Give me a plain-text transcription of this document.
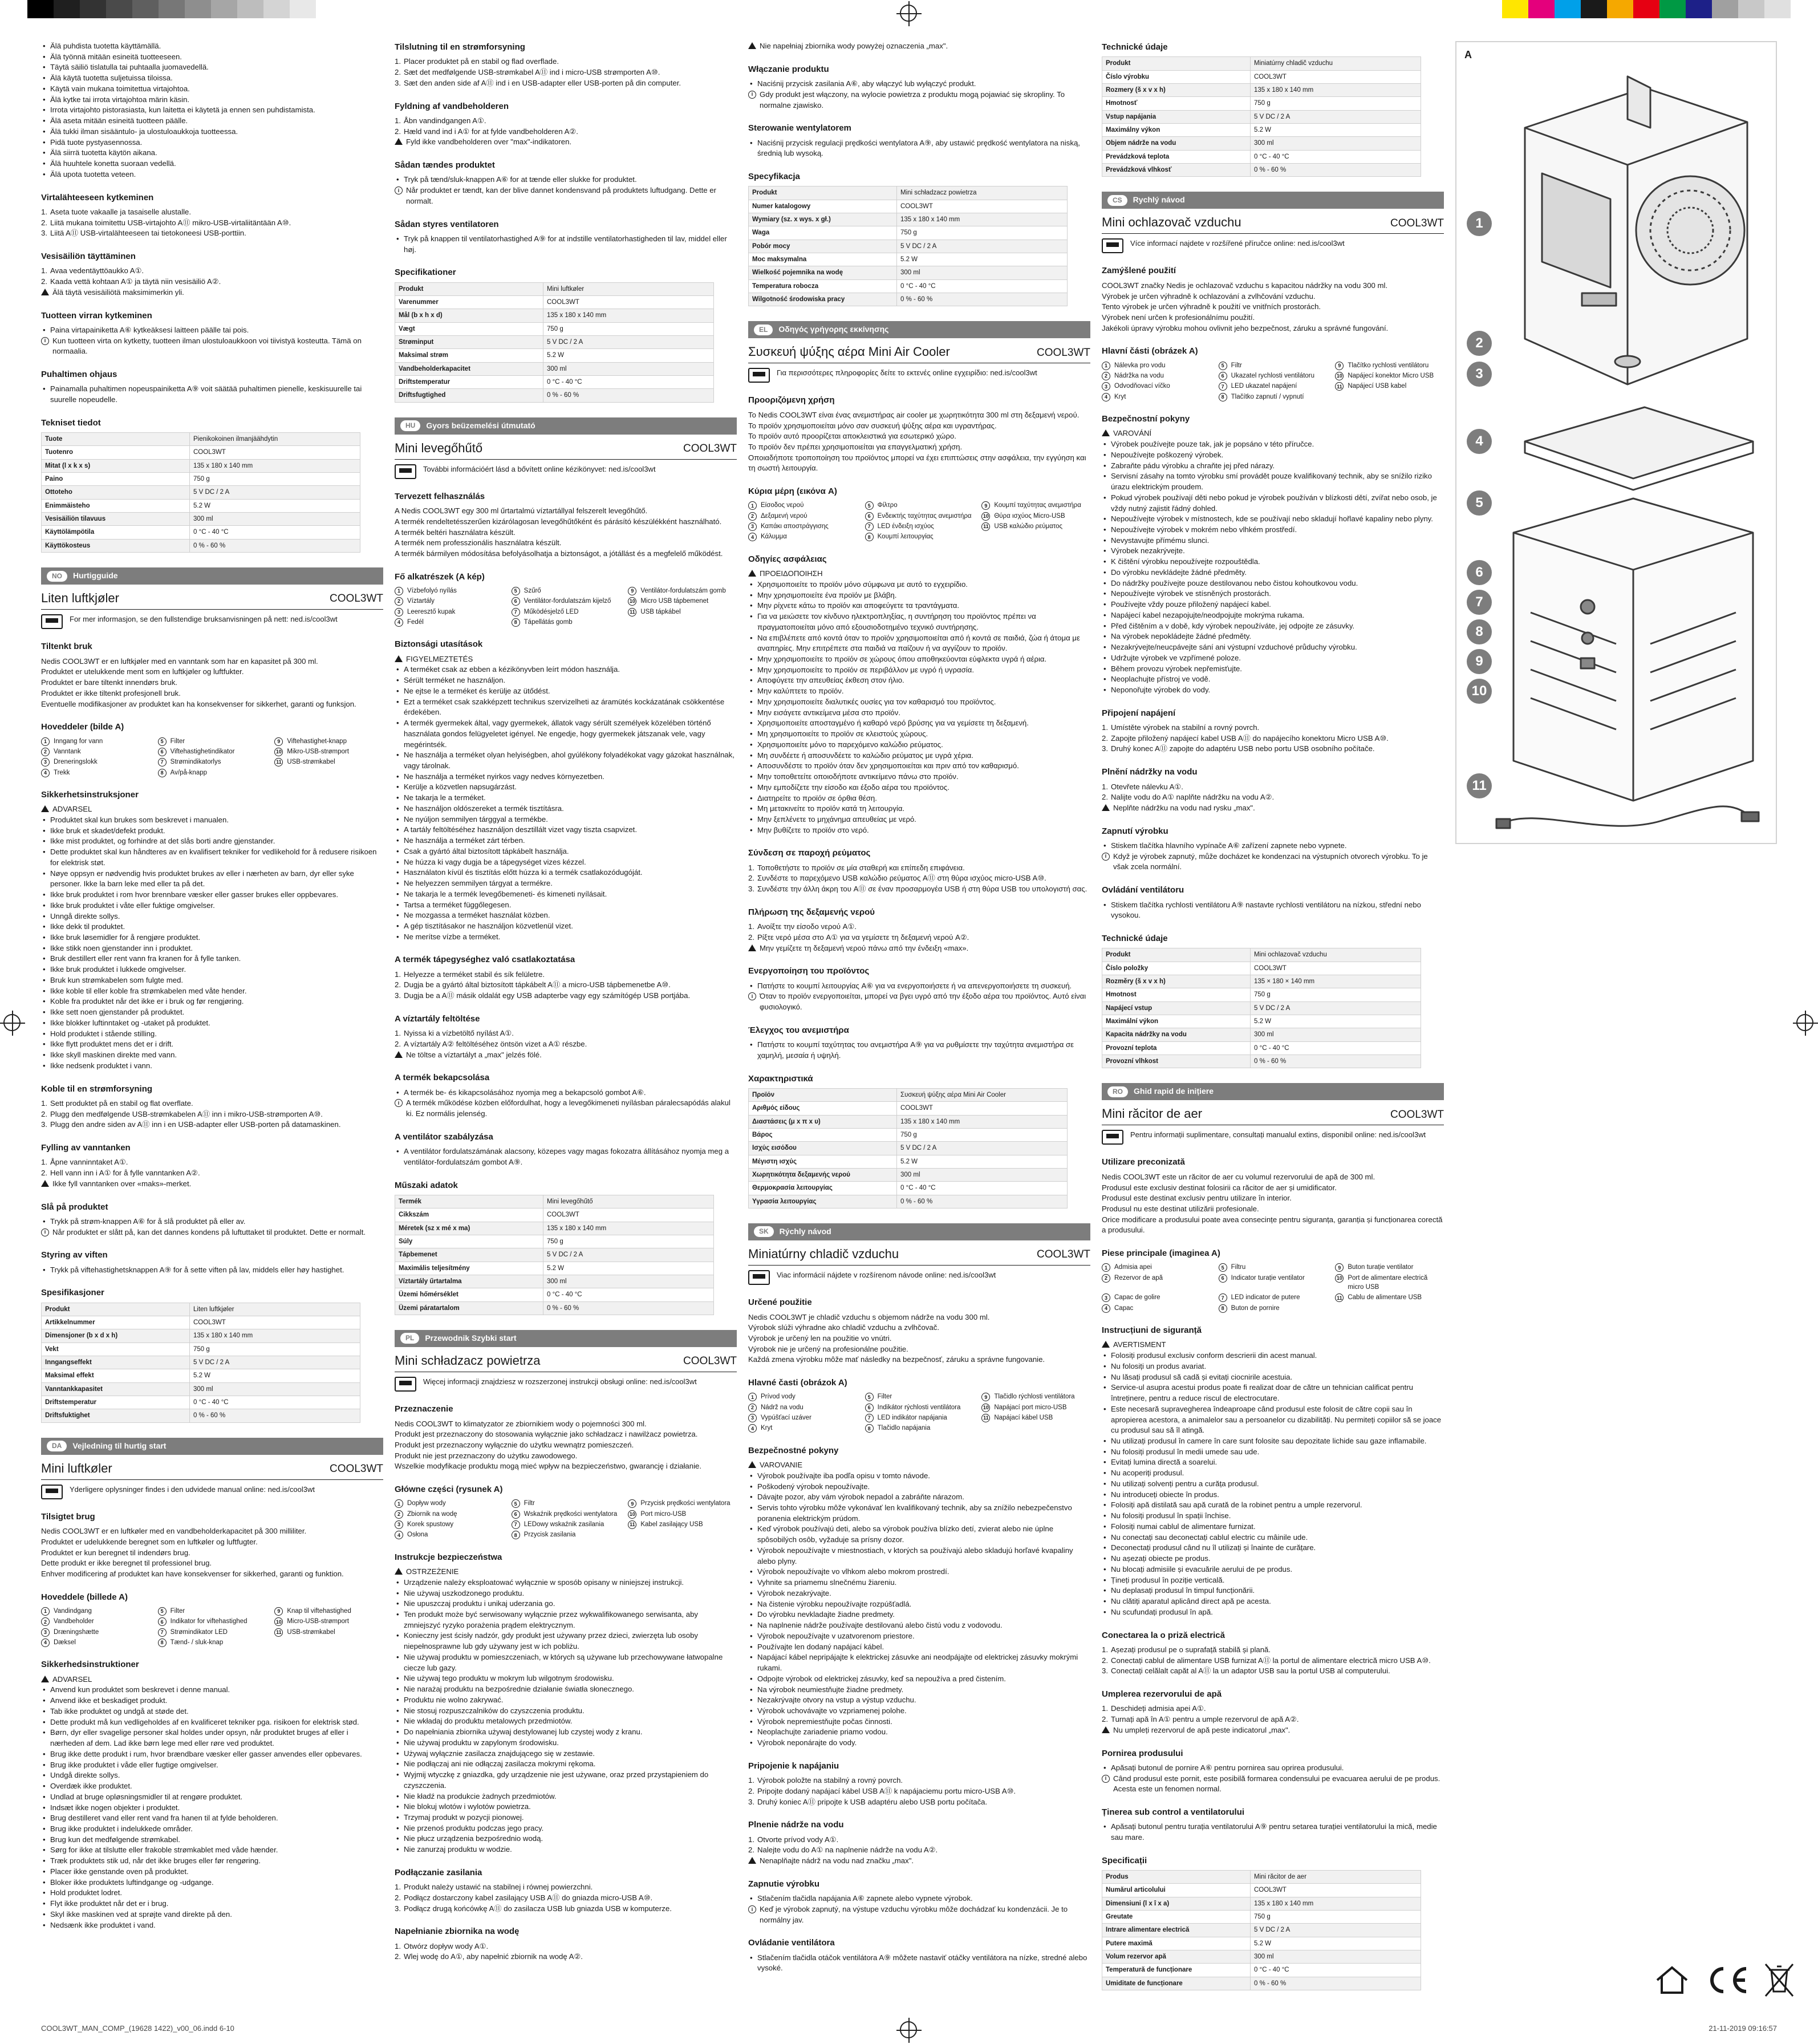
• Älä puhdista tuotetta käyttämällä.
• Älä työnnä mitään esineitä tuotteeseen.
• Täytä säiliö tislatulla tai puhtaalla juomavedellä.
• Älä käytä tuotetta suljetuissa tiloissa.
• Käytä vain mukana toimitettua virtajohtoa.
• Älä kytke tai irrota virtajohtoa märin käsin.
• Irrota virtajohto pistorasiasta, kun laitetta ei käytetä ja ennen sen puhdistamista.
• Älä aseta mitään esineitä tuotteen päälle.
• Älä tukki ilman sisääntulo- ja ulostuloaukkoja tuotteessa.
• Pidä tuote pystyasennossa.
• Älä siirrä tuotetta käytön aikana.
• Älä huuhtele konetta suoraan vedellä.
• Älä upota tuotetta veteen.
Virtalähteeseen kytkeminen
1. Aseta tuote vakaalle ja tasaiselle alustalle.
2. Liitä mukana toimitettu USB-virtajohto A⑪ mikro-USB-virtaliitäntään A⑩.
3. Liitä A⑪ USB-virtalähteeseen tai tietokoneesi USB-porttiin.
Vesisäiliön täyttäminen
1. Avaa vedentäyttöaukko A①.
2. Kaada vettä kohtaan A① ja täytä niin vesisäiliö A②.
Älä täytä vesisäiliötä maksimimerkin yli.
Tuotteen virran kytkeminen
• Paina virtapainiketta A⑥ kytkeäksesi laitteen päälle tai pois.
i Kun tuotteen virta on kytketty, tuotteen ilman ulostuloaukkoon voi tiivistyä kosteutta. Tämä on normaalia.
Puhaltimen ohjaus
• Painamalla puhaltimen nopeuspainiketta A⑨ voit säätää puhaltimen pienelle, keskisuurelle tai suurelle nopeudelle.
Tekniset tiedot
Tuote	Pienikokoinen ilmanjäähdytin
Tuotenro	COOL3WT
Mitat (l x k x s)	135 x 180 x 140 mm
Paino	750 g
Ottoteho	5 V DC / 2 A
Enimmäisteho	5.2 W
Vesisäiliön tilavuus	300 ml
Käyttölämpötila	0 °C - 40 °C
Käyttökosteus	0 % - 60 %
NO	Hurtigguide
Liten luftkjøler	COOL3WT
For mer informasjon, se den fullstendige bruksanvisningen på nett: ned.is/cool3wt
Tiltenkt bruk

Nedis COOL3WT er en luftkjøler med en vanntank som har en kapasitet på 300 ml.

Produktet er utelukkende ment som en luftkjøler og luftfukter.

Produktet er bare tiltenkt innendørs bruk.

Produktet er ikke tiltenkt profesjonell bruk.

Eventuelle modifikasjoner av produktet kan ha konsekvenser for sikkerhet, garanti og funksjon.

Hoveddeler (bilde A)
1	Inngang for vann	5	Filter	9	Viftehastighet-knapp
2	Vanntank	6	Viftehastighetindikator	10 Mikro-USB-strømport
3	Dreneringslokk	7	Strømindikatorlys	11 USB-strømkabel
4	Trekk	8	Av/på-knapp
Sikkerhetsinstruksjoner
ADVARSEL
• Produktet skal kun brukes som beskrevet i manualen.
• Ikke bruk et skadet/defekt produkt.
• Ikke mist produktet, og forhindre at det slås borti andre gjenstander.
• Dette produktet skal kun håndteres av en kvalifisert tekniker for vedlikehold for å redusere risikoen for elektrisk støt.
• Nøye oppsyn er nødvendig hvis produktet brukes av eller i nærheten av barn, dyr eller syke personer. Ikke la barn leke med eller ta på det.
• Ikke bruk produktet i rom hvor brennbare væsker eller gasser brukes eller oppbevares.
• Ikke bruk produktet i våte eller fuktige omgivelser.
• Unngå direkte sollys.
• Ikke dekk til produktet.
• Ikke bruk løsemidler for å rengjøre produktet.
• Ikke stikk noen gjenstander inn i produktet.
• Bruk destillert eller rent vann fra kranen for å fylle tanken.
• Ikke bruk produktet i lukkede omgivelser.
• Bruk kun strømkabelen som fulgte med.
• Ikke koble til eller koble fra strømkabelen med våte hender.
• Koble fra produktet når det ikke er i bruk og før rengjøring.
• Ikke sett noen gjenstander på produktet.
• Ikke blokker luftinntaket og -utaket på produktet.
• Hold produktet i stående stilling.
• Ikke flytt produktet mens det er i drift.
• Ikke skyll maskinen direkte med vann.
• Ikke nedsenk produktet i vann.
Koble til en strømforsyning
1. Sett produktet på en stabil og flat overflate.
2. Plugg den medfølgende USB-strømkabelen A⑪ inn i mikro-USB-strømporten A⑩.
3. Plugg den andre siden av A⑪ inn i en USB-adapter eller USB-porten på datamaskinen.
Fylling av vanntanken
1. Åpne vanninntaket A①.
2. Hell vann inn i A① for å fylle vanntanken A②.
Ikke fyll vanntanken over «maks»-merket.
Slå på produktet
• Trykk på strøm-knappen A⑥ for å slå produktet på eller av.
i Når produktet er slått på, kan det dannes kondens på luftuttaket til produktet. Dette er normalt.
Styring av viften
• Trykk på viftehastighetsknappen A⑨ for å sette viften på lav, middels eller høy hastighet.
Spesifikasjoner
Produkt	Liten luftkjøler
Artikkelnummer	COOL3WT
Dimensjoner (b x d x h)	135 x 180 x 140 mm
Vekt	750 g
Inngangseffekt	5 V DC / 2 A
Maksimal effekt	5.2 W
Vanntankkapasitet	300 ml
Driftstemperatur	0 °C - 40 °C
Driftsfuktighet	0 % - 60 %
DA	Vejledning til hurtig start
Mini luftkøler	COOL3WT
Yderligere oplysninger findes i den udvidede manual online: ned.is/cool3wt
Tilsigtet brug

Nedis COOL3WT er en luftkøler med en vandbeholderkapacitet på 300 milliliter.

Produktet er udelukkende beregnet som en luftkøler og luftfugter.

Produktet er kun beregnet til indendørs brug.

Dette produkt er ikke beregnet til professionel brug.

Enhver modificering af produktet kan have konsekvenser for sikkerhed, garanti og funktion.

Hoveddele (billede A)
1	Vandindgang	5	Filter	9	Knap til viftehastighed
2	Vandbeholder	6	Indikator for viftehastighed	10 Micro-USB-strømport
3	Dræningshætte	7	Strømindikator LED	11 USB-strømkabel
4	Dæksel	8	Tænd- / sluk-knap
Sikkerhedsinstruktioner
ADVARSEL
• Anvend kun produktet som beskrevet i denne manual.
• Anvend ikke et beskadiget produkt.
• Tab ikke produktet og undgå at støde det.
• Dette produkt må kun vedligeholdes af en kvalificeret tekniker pga. risikoen for elektrisk stød.
• Børn, dyr eller svagelige personer skal holdes under opsyn, når produktet bruges af eller i nærheden af dem. Lad ikke børn lege med eller røre ved produktet.
• Brug ikke dette produkt i rum, hvor brændbare væsker eller gasser anvendes eller opbevares.
• Brug ikke produktet i våde eller fugtige omgivelser.
• Undgå direkte sollys.
• Overdæk ikke produktet.
• Undlad at bruge opløsningsmidler til at rengøre produktet.
• Indsæt ikke nogen objekter i produktet.
• Brug destilleret vand eller rent vand fra hanen til at fylde beholderen.
• Brug ikke produktet i indelukkede områder.
• Brug kun det medfølgende strømkabel.
• Sørg for ikke at tilslutte eller frakoble strømkablet med våde hænder.
• Træk produktets stik ud, når det ikke bruges eller før rengøring.
• Placer ikke genstande oven på produktet.
• Bloker ikke produktets luftindgange og -udgange.
• Hold produktet lodret.
• Flyt ikke produktet når det er i brug.
• Skyl ikke maskinen ved at sprøjte vand direkte på den.
• Nedsænk ikke produktet i vand.
Tilslutning til en strømforsyning
1. Placer produktet på en stabil og flad overflade.
2. Sæt det medfølgende USB-strømkabel A⑪ ind i micro-USB strømporten A⑩.
3. Sæt den anden side af A⑪ ind i en USB-adapter eller USB-porten på din computer.
Fyldning af vandbeholderen
1. Åbn vandindgangen A①.
2. Hæld vand ind i A① for at fylde vandbeholderen A②.
Fyld ikke vandbeholderen over "max"-indikatoren.
Sådan tændes produktet
• Tryk på tænd/sluk-knappen A⑥ for at tænde eller slukke for produktet.
i Når produktet er tændt, kan der blive dannet kondensvand på produktets luftudgang. Dette er normalt.
Sådan styres ventilatoren
• Tryk på knappen til ventilatorhastighed A⑨ for at indstille ventilatorhastigheden til lav, middel eller høj.
Specifikationer
Produkt	Mini luftkøler
Varenummer	COOL3WT
Mål (b x h x d)	135 x 180 x 140 mm
Vægt	750 g
Strøminput	5 V DC / 2 A
Maksimal strøm	5.2 W
Vandbeholderkapacitet	300 ml
Driftstemperatur	0 °C - 40 °C
Driftsfugtighed	0 % - 60 %
HU	Gyors beüzemelési útmutató
Mini levegőhűtő	COOL3WT
További információért lásd a bővített online kézikönyvet: ned.is/cool3wt
Tervezett felhasználás

A Nedis COOL3WT egy 300 ml űrtartalmú víztartállyal felszerelt levegőhűtő.

A termék rendeltetésszerűen kizárólagosan levegőhűtőként és párásító készülékként használható.

A termék beltéri használatra készült.

A termék nem professzionális használatra készült.

A termék bármilyen módosítása befolyásolhatja a biztonságot, a jótállást és a megfelelő működést.

Fő alkatrészek (A kép)
1	Vízbefolyó nyílás	5	Szűrő	9	Ventilátor-fordulatszám gomb
2	Víztartály	6	Ventilátor-fordulatszám kijelző	10 Micro USB tápbemenet
3	Leeresztő kupak	7	Működésjelző LED	11 USB tápkábel
4	Fedél	8	Tápellátás gomb
Biztonsági utasítások
FIGYELMEZTETÉS
• A terméket csak az ebben a kézikönyvben leírt módon használja.
• Sérült terméket ne használjon.
• Ne ejtse le a terméket és kerülje az ütődést.
• Ezt a terméket csak szakképzett technikus szervizelheti az áramütés kockázatának csökkentése érdekében.
• A termék gyermekek által, vagy gyermekek, állatok vagy sérült személyek közelében történő használata gondos felügyeletet igényel. Ne engedje, hogy gyermekek játszanak vele, vagy megérintsék.
• Ne használja a terméket olyan helyiségben, ahol gyúlékony folyadékokat vagy gázokat használnak, vagy tárolnak.
• Ne használja a terméket nyirkos vagy nedves környezetben.
• Kerülje a közvetlen napsugárzást.
• Ne takarja le a terméket.
• Ne használjon oldószereket a termék tisztításra.
• Ne nyúljon semmilyen tárggyal a termékbe.
• A tartály feltöltéséhez használjon desztillált vizet vagy tiszta csapvizet.
• Ne használja a terméket zárt térben.
• Csak a gyártó által biztosított tápkábelt használja.
• Ne húzza ki vagy dugja be a tápegységet vizes kézzel.
• Használaton kívül és tisztítás előtt húzza ki a termék csatlakozódugóját.
• Ne helyezzen semmilyen tárgyat a termékre.
• Ne takarja le a termék levegőbemeneti- és kimeneti nyílásait.
• Tartsa a terméket függőlegesen.
• Ne mozgassa a terméket használat közben.
• A gép tisztításakor ne használjon közvetlenül vizet.
• Ne merítse vízbe a terméket.
A termék tápegységhez való csatlakoztatása
1. Helyezze a terméket stabil és sík felületre.
2. Dugja be a gyártó által biztosított tápkábelt A⑪ a micro-USB tápbemenetbe A⑩.
3. Dugja be a A⑪ másik oldalát egy USB adapterbe vagy egy számítógép USB portjába.
A víztartály feltöltése
1. Nyissa ki a vízbetöltő nyílást A①.
2. A víztartály A② feltöltéséhez öntsön vizet a A① részbe.
Ne töltse a víztartályt a „max" jelzés fölé.
A termék bekapcsolása
• A termék be- és kikapcsolásához nyomja meg a bekapcsoló gombot A⑥.
i A termék működése közben előfordulhat, hogy a levegőkimeneti nyílásban páralecsapódás alakul ki. Ez normális jelenség.
A ventilátor szabályzása
• A ventilátor fordulatszámának alacsony, közepes vagy magas fokozatra állításához nyomja meg a ventilátor-fordulatszám gombot A⑨.
Műszaki adatok
Termék	Mini levegőhűtő
Cikkszám	COOL3WT
Méretek (sz x mé x ma)	135 x 180 x 140 mm
Súly	750 g
Tápbemenet	5 V DC / 2 A
Maximális teljesítmény	5.2 W
Víztartály űrtartalma	300 ml
Üzemi hőmérséklet	0 °C - 40 °C
Üzemi páratartalom	0 % - 60 %
PL	Przewodnik Szybki start
Mini schładzacz powietrza	COOL3WT
Więcej informacji znajdziesz w rozszerzonej instrukcji obsługi online: ned.is/cool3wt
Przeznaczenie

Nedis COOL3WT to klimatyzator ze zbiornikiem wody o pojemności 300 ml.

Produkt jest przeznaczony do stosowania wyłącznie jako schładzacz i nawilżacz powietrza.

Produkt jest przeznaczony wyłącznie do użytku wewnątrz pomieszczeń.

Produkt nie jest przeznaczony do użytku zawodowego.

Wszelkie modyfikacje produktu mogą mieć wpływ na bezpieczeństwo, gwarancję i działanie.

Główne części (rysunek A)
1	Dopływ wody	5	Filtr	9	Przycisk prędkości wentylatora
2	Zbiornik na wodę	6	Wskaźnik prędkości wentylatora 10 Port micro-USB
3	Korek spustowy	7	LEDowy wskaźnik zasilania	11 Kabel zasilający USB
4	Osłona	8	Przycisk zasilania
Instrukcje bezpieczeństwa
OSTRZEŻENIE
• Urządzenie należy eksploatować wyłącznie w sposób opisany w niniejszej instrukcji.
• Nie używaj uszkodzonego produktu.
• Nie upuszczaj produktu i unikaj uderzania go.
• Ten produkt może być serwisowany wyłącznie przez wykwalifikowanego serwisanta, aby zmniejszyć ryzyko porażenia prądem elektrycznym.
• Konieczny jest ścisły nadzór, gdy produkt jest używany przez dzieci, zwierzęta lub osoby niepełnosprawne lub gdy używany jest w ich pobliżu.
• Nie używaj produktu w pomieszczeniach, w których są używane lub przechowywane łatwopalne ciecze lub gazy.
• Nie używaj tego produktu w mokrym lub wilgotnym środowisku.
• Nie narażaj produktu na bezpośrednie działanie światła słonecznego.
• Produktu nie wolno zakrywać.
• Nie stosuj rozpuszczalników do czyszczenia produktu.
• Nie wkładaj do produktu metalowych przedmiotów.
• Do napełniania zbiornika używaj destylowanej lub czystej wody z kranu.
• Nie używaj produktu w zapylonym środowisku.
• Używaj wyłącznie zasilacza znajdującego się w zestawie.
• Nie podłączaj ani nie odłączaj zasilacza mokrymi rękoma.
• Wyjmij wtyczkę z gniazdka, gdy urządzenie nie jest używane, oraz przed przystąpieniem do czyszczenia.
• Nie kładź na produkcie żadnych przedmiotów.
• Nie blokuj wlotów i wylotów powietrza.
• Trzymaj produkt w pozycji pionowej.
• Nie przenoś produktu podczas jego pracy.
• Nie płucz urządzenia bezpośrednio wodą.
• Nie zanurzaj produktu w wodzie.
Podłączanie zasilania
1. Produkt należy ustawić na stabilnej i równej powierzchni.
2. Podłącz dostarczony kabel zasilający USB A⑪ do gniazda micro-USB A⑩.
3. Podłącz drugą końcówkę A⑪ do zasilacza USB lub gniazda USB w komputerze.
Napełnianie zbiornika na wodę
1. Otwórz dopływ wody A①.
2. Wlej wodę do A①, aby napełnić zbiornik na wodę A②.
Nie napełniaj zbiornika wody powyżej oznaczenia „max".
Włączanie produktu
• Naciśnij przycisk zasilania A⑥, aby włączyć lub wyłączyć produkt.
i Gdy produkt jest włączony, na wylocie powietrza z produktu mogą pojawiać się skropliny. To normalne zjawisko.
Sterowanie wentylatorem
• Naciśnij przycisk regulacji prędkości wentylatora A⑨, aby ustawić prędkość wentylatora na niską, średnią lub wysoką.
Specyfikacja
Produkt	Mini schładzacz powietrza
Numer katalogowy	COOL3WT
Wymiary (sz. x wys. x gł.)	135 x 180 x 140 mm
Waga	750 g
Pobór mocy	5 V DC / 2 A
Moc maksymalna	5.2 W
Wielkość pojemnika na wodę	300 ml
Temperatura robocza	0 °C - 40 °C
Wilgotność środowiska pracy	0 % - 60 %
EL	Οδηγός γρήγορης εκκίνησης
Συσκευή ψύξης αέρα Mini Air Cooler	COOL3WT
Για περισσότερες πληροφορίες δείτε το εκτενές online εγχειρίδιο: ned.is/cool3wt
Προοριζόμενη χρήση

Το Nedis COOL3WT είναι ένας ανεμιστήρας air cooler με χωρητικότητα 300 ml στη δεξαμενή νερού.

Το προϊόν χρησιμοποιείται μόνο σαν συσκευή ψύξης αέρα και υγραντήρας.

Το προϊόν αυτό προορίζεται αποκλειστικά για εσωτερικό χώρο.

Το προϊόν δεν πρέπει χρησιμοποιείται για επαγγελματική χρήση.

Οποιαδήποτε τροποποίηση του προϊόντος μπορεί να έχει επιπτώσεις στην ασφάλεια, την εγγύηση και τη σωστή λειτουργία.

Κύρια μέρη (εικόνα A)
1	Είσοδος νερού	5	Φίλτρο	9	Κουμπί ταχύτητας ανεμιστήρα
2	Δεξαμενή νερού	6	Ενδεικτής ταχύτητας ανεμιστήρα 10 Θύρα ισχύος Micro-USB
3	Καπάκι αποστράγγισης	7	LED ένδειξη ισχύος	11 USB καλώδιο ρεύματος
4	Κάλυμμα	8	Κουμπί λειτουργίας
Οδηγίες ασφάλειας
ΠΡΟΕΙΔΟΠΟΙΗΣΗ
• Χρησιμοποιείτε το προϊόν μόνο σύμφωνα με αυτό το εγχειρίδιο.
• Μην χρησιμοποιείτε ένα προϊόν με βλάβη.
• Μην ρίχνετε κάτω το προϊόν και αποφεύγετε τα τραντάγματα.
• Για να μειώσετε τον κίνδυνο ηλεκτροπληξίας, η συντήρηση του προϊόντος πρέπει να πραγματοποιείται μόνο από εξουσιοδοτημένο τεχνικό συντήρησης.
• Να επιβλέπετε από κοντά όταν το προϊόν χρησιμοποιείται από ή κοντά σε παιδιά, ζώα ή άτομα με αναπηρίες. Μην επιτρέπετε στα παιδιά να παίζουν ή να αγγίζουν το προϊόν.
• Μην χρησιμοποιείτε το προϊόν σε χώρους όπου αποθηκεύονται εύφλεκτα υγρά ή αέρια.
• Μην χρησιμοποιείτε το προϊόν σε περιβάλλον με υγρό ή υγρασία.
• Αποφύγετε την απευθείας έκθεση στον ήλιο.
• Μην καλύπτετε το προϊόν.
• Μην χρησιμοποιείτε διαλυτικές ουσίες για τον καθαρισμό του προϊόντος.
• Μην εισάγετε αντικείμενα μέσα στο προϊόν.
• Χρησιμοποιείτε αποσταγμένο ή καθαρό νερό βρύσης για να γεμίσετε τη δεξαμενή.
• Μη χρησιμοποιείτε το προϊόν σε κλειστούς χώρους.
• Χρησιμοποιείτε μόνο το παρεχόμενο καλώδιο ρεύματος.
• Μη συνδέετε ή αποσυνδέετε το καλώδιο ρεύματος με υγρά χέρια.
• Αποσυνδέστε το προϊόν όταν δεν χρησιμοποιείται και πριν από τον καθαρισμό.
• Μην τοποθετείτε οποιοδήποτε αντικείμενο πάνω στο προϊόν.
• Μην εμποδίζετε την είσοδο και έξοδο αέρα του προϊόντος.
• Διατηρείτε το προϊόν σε όρθια θέση.
• Μη μετακινείτε το προϊόν κατά τη λειτουργία.
• Μην ξεπλένετε το μηχάνημα απευθείας με νερό.
• Μην βυθίζετε το προϊόν στο νερό.
Σύνδεση σε παροχή ρεύματος
1. Τοποθετήστε το προϊόν σε μία σταθερή και επίπεδη επιφάνεια.
2. Συνδέστε το παρεχόμενο USB καλώδιο ρεύματος A⑪ στη θύρα ισχύος micro-USB A⑩.
3. Συνδέστε την άλλη άκρη του A⑪ σε έναν προσαρμογέα USB ή στη θύρα USB του υπολογιστή σας.
Πλήρωση της δεξαμενής νερού
1. Ανοίξτε την είσοδο νερού A①.
2. Ρίξτε νερό μέσα στο A① για να γεμίσετε τη δεξαμενή νερού A②.
Μην γεμίζετε τη δεξαμενή νερού πάνω από την ένδειξη «max».
Ενεργοποίηση του προϊόντος
• Πατήστε το κουμπί λειτουργίας A⑥ για να ενεργοποιήσετε ή να απενεργοποιήσετε τη συσκευή.
i Όταν το προϊόν ενεργοποιείται, μπορεί να βγει υγρό από την έξοδο αέρα του προϊόντος. Αυτό είναι φυσιολογικό.
Έλεγχος του ανεμιστήρα
• Πατήστε το κουμπί ταχύτητας του ανεμιστήρα A⑨ για να ρυθμίσετε την ταχύτητα ανεμιστήρα σε χαμηλή, μεσαία ή υψηλή.
Χαρακτηριστικά
Προϊόν	Συσκευή ψύξης αέρα Mini Air Cooler
Αριθμός είδους	COOL3WT
Διαστάσεις (μ x π x υ)	135 x 180 x 140 mm
Βάρος	750 g
Ισχύς εισόδου	5 V DC / 2 A
Μέγιστη ισχύς	5.2 W
Χωρητικότητα δεξαμενής νερού	300 ml
Θερμοκρασία λειτουργίας	0 °C - 40 °C
Υγρασία λειτουργίας	0 % - 60 %
SK	Rýchly návod
Miniatúrny chladič vzduchu	COOL3WT
Viac informácií nájdete v rozšírenom návode online: ned.is/cool3wt
Určené použitie

Nedis COOL3WT je chladič vzduchu s objemom nádrže na vodu 300 ml.

Výrobok slúži výhradne ako chladič vzduchu a zvlhčovač.

Výrobok je určený len na použitie vo vnútri.

Výrobok nie je určený na profesionálne použitie.

Každá zmena výrobku môže mať následky na bezpečnosť, záruku a správne fungovanie.

Hlavné časti (obrázok A)
1	Prívod vody	5	Filter	9	Tlačidlo rýchlosti ventilátora
2	Nádrž na vodu	6	Indikátor rýchlosti ventilátora	10 Napájací port micro-USB
3	Vypúšťací uzáver	7	LED indikátor napájania	11 Napájací kábel USB
4	Kryt	8	Tlačidlo napájania
Bezpečnostné pokyny
VAROVANIE
• Výrobok používajte iba podľa opisu v tomto návode.
• Poškodený výrobok nepoužívajte.
• Dávajte pozor, aby vám výrobok nepadol a zabráňte nárazom.
• Servis tohto výrobku môže vykonávať len kvalifikovaný technik, aby sa znížilo nebezpečenstvo poranenia elektrickým prúdom.
• Keď výrobok používajú deti, alebo sa výrobok používa blízko detí, zvierat alebo nie úplne spôsobilých osôb, vyžaduje sa prísny dozor.
• Výrobok nepoužívajte v miestnostiach, v ktorých sa používajú alebo skladujú horľavé kvapaliny alebo plyny.
• Výrobok nepoužívajte vo vlhkom alebo mokrom prostredí.
• Vyhnite sa priamemu slnečnému žiareniu.
• Výrobok nezakrývajte.
• Na čistenie výrobku nepoužívajte rozpúšťadlá.
• Do výrobku nevkladajte žiadne predmety.
• Na naplnenie nádrže používajte destilovanú alebo čistú vodu z vodovodu.
• Výrobok nepoužívajte v uzatvorenom priestore.
• Používajte len dodaný napájací kábel.
• Napájací kábel nepripájajte k elektrickej zásuvke ani neodpájajte od elektrickej zásuvky mokrými rukami.
• Odpojte výrobok od elektrickej zásuvky, keď sa nepoužíva a pred čistením.
• Na výrobok neumiestňujte žiadne predmety.
• Nezakrývajte otvory na vstup a výstup vzduchu.
• Výrobok uchovávajte vo vzpriamenej polohe.
• Výrobok nepremiestňujte počas činnosti.
• Neoplachujte zariadenie priamo vodou.
• Výrobok neponárajte do vody.
Pripojenie k napájaniu
1. Výrobok položte na stabilný a rovný povrch.
2. Pripojte dodaný napájací kábel USB A⑪ k napájaciemu portu micro-USB A⑩.
3. Druhý koniec A⑪ pripojte k USB adaptéru alebo USB portu počítača.
Plnenie nádrže na vodu
1. Otvorte prívod vody A①.
2. Nalejte vodu do A① na naplnenie nádrže na vodu A②.
Nenaplňajte nádrž na vodu nad značku „max".
Zapnutie výrobku
• Stlačením tlačidla napájania A⑥ zapnete alebo vypnete výrobok.
i Keď je výrobok zapnutý, na výstupe vzduchu výrobku môže dochádzať ku kondenzácii. Je to normálny jav.
Ovládanie ventilátora
• Stlačením tlačidla otáčok ventilátora A⑨ môžete nastaviť otáčky ventilátora na nízke, stredné alebo vysoké.
Technické údaje
Produkt	Miniatúrny chladič vzduchu
Číslo výrobku	COOL3WT
Rozmery (š x v x h)	135 x 180 x 140 mm
Hmotnosť	750 g
Vstup napájania	5 V DC / 2 A
Maximálny výkon	5.2 W
Objem nádrže na vodu	300 ml
Prevádzková teplota	0 °C - 40 °C
Prevádzková vlhkosť	0 % - 60 %
CS	Rychlý návod
Mini ochlazovač vzduchu	COOL3WT
Více informací najdete v rozšířené příručce online: ned.is/cool3wt
Zamýšlené použití

COOL3WT značky Nedis je ochlazovač vzduchu s kapacitou nádržky na vodu 300 ml.

Výrobek je určen výhradně k ochlazování a zvlhčování vzduchu.

Tento výrobek je určen výhradně k použití ve vnitřních prostorách.

Výrobek není určen k profesionálnímu použití.

Jakékoli úpravy výrobku mohou ovlivnit jeho bezpečnost, záruku a správné fungování.

Hlavní části (obrázek A)
1	Nálevka pro vodu	5	Filtr	9	Tlačítko rychlosti ventilátoru
2	Nádržka na vodu	6	Ukazatel rychlosti ventilátoru	10 Napájecí konektor Micro USB
3	Odvodňovací víčko	7	LED ukazatel napájení	11 Napájecí USB kabel
4	Kryt	8	Tlačítko zapnutí / vypnutí
Bezpečnostní pokyny
VAROVÁNÍ
• Výrobek používejte pouze tak, jak je popsáno v této příručce.
• Nepoužívejte poškozený výrobek.
• Zabraňte pádu výrobku a chraňte jej před nárazy.
• Servisní zásahy na tomto výrobku smí provádět pouze kvalifikovaný technik, aby se snížilo riziko úrazu elektrickým proudem.
• Pokud výrobek používají děti nebo pokud je výrobek používán v blízkosti dětí, zvířat nebo osob, je vždy nutný zajistit řádný dohled.
• Nepoužívejte výrobek v místnostech, kde se používají nebo skladují hořlavé kapaliny nebo plyny.
• Nepoužívejte výrobek v mokrém nebo vlhkém prostředí.
• Nevystavujte přímému slunci.
• Výrobek nezakrývejte.
• K čištění výrobku nepoužívejte rozpouštědla.
• Do výrobku nevkládejte žádné předměty.
• Do nádržky používejte pouze destilovanou nebo čistou kohoutkovou vodu.
• Nepoužívejte výrobek ve stísněných prostorách.
• Používejte vždy pouze přiložený napájecí kabel.
• Napájecí kabel nezapojujte/neodpojujte mokrýma rukama.
• Před čištěním a v době, kdy výrobek nepoužíváte, jej odpojte ze zásuvky.
• Na výrobek nepokládejte žádné předměty.
• Nezakrývejte/neucpávejte sání ani výstupní vzduchové průduchy výrobku.
• Udržujte výrobek ve vzpřímené poloze.
• Během provozu výrobek nepřemisťujte.
• Neoplachujte přístroj ve vodě.
• Neponořujte výrobek do vody.
Připojení napájení
1. Umístěte výrobek na stabilní a rovný povrch.
2. Zapojte přiložený napájecí kabel USB A⑪ do napájecího konektoru Micro USB A⑩.
3. Druhý konec A⑪ zapojte do adaptéru USB nebo portu USB osobního počítače.
Plnění nádržky na vodu
1. Otevřete nálevku A①.
2. Nalijte vodu do A① naplňte nádržku na vodu A②.
Neplňte nádržku na vodu nad rysku „max".
Zapnutí výrobku
• Stiskem tlačítka hlavního vypínače A⑥ zařízení zapnete nebo vypnete.
i Když je výrobek zapnutý, může docházet ke kondenzaci na výstupních otvorech výrobku. To je však zcela normální.
Ovládání ventilátoru
• Stiskem tlačítka rychlosti ventilátoru A⑨ nastavte rychlosti ventilátoru na nízkou, střední nebo vysokou.
Technické údaje
Produkt	Mini ochlazovač vzduchu
Číslo položky	COOL3WT
Rozměry (š x v x h)	135 × 180 × 140 mm
Hmotnost	750 g
Napájecí vstup	5 V DC / 2 A
Maximální výkon	5.2 W
Kapacita nádržky na vodu	300 ml
Provozní teplota	0 °C - 40 °C
Provozní vlhkost	0 % - 60 %
RO	Ghid rapid de inițiere
Mini răcitor de aer	COOL3WT
Pentru informații suplimentare, consultați manualul extins, disponibil online: ned.is/cool3wt
Utilizare preconizată

Nedis COOL3WT este un răcitor de aer cu volumul rezervorului de apă de 300 ml.

Produsul este exclusiv destinat folosirii ca răcitor de aer și umidificator.

Produsul este destinat exclusiv pentru utilizare în interior.

Produsul nu este destinat utilizării profesionale.

Orice modificare a produsului poate avea consecințe pentru siguranța, garanția și funcționarea corectă a produsului.

Piese principale (imaginea A)
1	Admisia apei	5	Filtru	9	Buton turație ventilator
2	Rezervor de apă	6	Indicator turație ventilator	10 Port de alimentare electrică micro USB
3	Capac de golire	7	LED indicator de putere	11 Cablu de alimentare USB
4	Capac	8	Buton de pornire
Instrucțiuni de siguranță
AVERTISMENT
• Folosiți produsul exclusiv conform descrierii din acest manual.
• Nu folosiți un produs avariat.
• Nu lăsați produsul să cadă și evitați ciocnirile acestuia.
• Service-ul asupra acestui produs poate fi realizat doar de către un tehnician calificat pentru întreținere, pentru a reduce riscul de electrocutare.
• Este necesară supravegherea îndeaproape când produsul este folosit de către copii sau în apropierea acestora, a animalelor sau a persoanelor cu dizabilități. Nu permiteți copiilor să se joace cu produsul sau să îl atingă.
• Nu utilizați produsul în camere în care sunt folosite sau depozitate lichide sau gaze inflamabile.
• Nu folosiți produsul în medii umede sau ude.
• Evitați lumina directă a soarelui.
• Nu acoperiți produsul.
• Nu utilizați solvenți pentru a curăța produsul.
• Nu introduceți obiecte în produs.
• Folosiți apă distilată sau apă curată de la robinet pentru a umple rezervorul.
• Nu folosiți produsul în spații închise.
• Folosiți numai cablul de alimentare furnizat.
• Nu conectați sau deconectați cablul electric cu mâinile ude.
• Deconectați produsul când nu îl utilizați și înainte de curățare.
• Nu așezați obiecte pe produs.
• Nu blocați admisiile și evacuările aerului de pe produs.
• Țineți produsul în poziție verticală.
• Nu deplasați produsul în timpul funcționării.
• Nu clătiți aparatul aplicând direct apă pe acesta.
• Nu scufundați produsul în apă.
Conectarea la o priză electrică
1. Așezați produsul pe o suprafață stabilă și plană.
2. Conectați cablul de alimentare USB furnizat A⑪ la portul de alimentare electrică micro USB A⑩.
3. Conectați celălalt capăt al A⑪ la un adaptor USB sau la portul USB al computerului.
Umplerea rezervorului de apă
1. Deschideți admisia apei A①.
2. Turnați apă în A① pentru a umple rezervorul de apă A②.
Nu umpleți rezervorul de apă peste indicatorul „max".
Pornirea produsului
• Apăsați butonul de pornire A⑥ pentru pornirea sau oprirea produsului.
i Când produsul este pornit, este posibilă formarea condensului pe evacuarea aerului de pe produs. Acesta este un fenomen normal.
Ținerea sub control a ventilatorului
• Apăsați butonul pentru turația ventilatorului A⑨ pentru setarea turației ventilatorului la mică, medie sau mare.
Specificații
Produs	Mini răcitor de aer
Numărul articolului	COOL3WT
Dimensiuni (l x î x a)	135 x 180 x 140 mm
Greutate	750 g
Intrare alimentare electrică	5 V DC / 2 A
Putere maximă	5.2 W
Volum rezervor apă	300 ml
Temperatură de funcționare	0 °C - 40 °C
Umiditate de funcționare	0 % - 60 %
A
1
2
3
4
5
6
7
8
9
10
11
COOL3WT_MAN_COMP_(19628 1422)_v00_06.indd 6-10	21-11-2019 09:16:57
